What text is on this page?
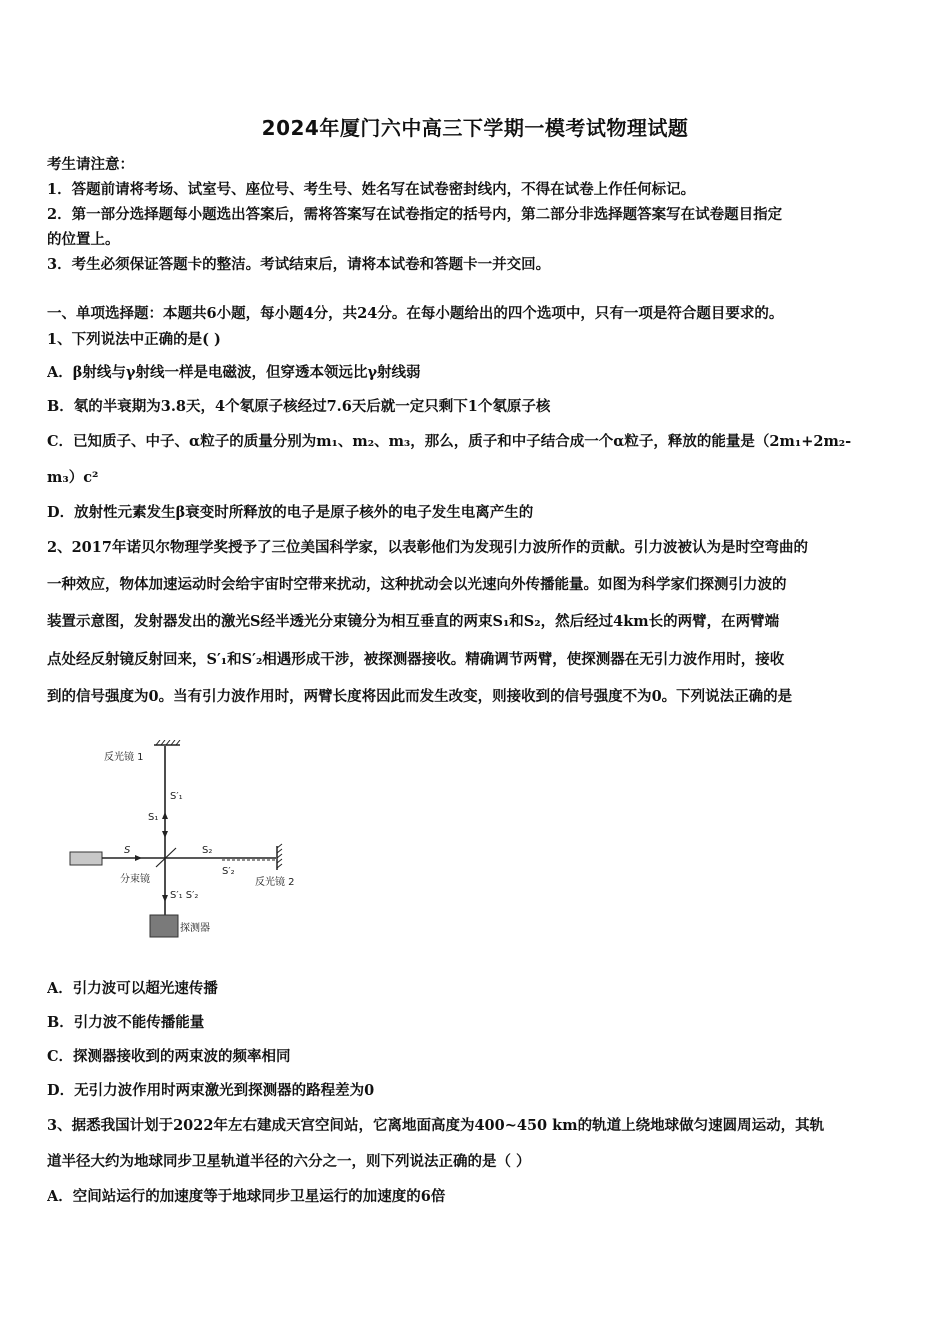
2024年厦门六中高三下学期一模考试物理试题
考生请注意：
1．答题前请将考场、试室号、座位号、考生号、姓名写在试卷密封线内，不得在试卷上作任何标记。
2．第一部分选择题每小题选出答案后，需将答案写在试卷指定的括号内，第二部分非选择题答案写在试卷题目指定
的位置上。
3．考生必须保证答题卡的整洁。考试结束后，请将本试卷和答题卡一并交回。
一、单项选择题：本题共6小题，每小题4分，共24分。在每小题给出的四个选项中，只有一项是符合题目要求的。
1、下列说法中正确的是( )
A．β射线与γ射线一样是电磁波，但穿透本领远比γ射线弱
B．氡的半衰期为3.8天，4个氡原子核经过7.6天后就一定只剩下1个氡原子核
C．已知质子、中子、α粒子的质量分别为m₁、m₂、m₃，那么，质子和中子结合成一个α粒子，释放的能量是（2m₁+2m₂-
m₃）c²
D．放射性元素发生β衰变时所释放的电子是原子核外的电子发生电离产生的
2、2017年诺贝尔物理学奖授予了三位美国科学家，以表彰他们为发现引力波所作的贡献。引力波被认为是时空弯曲的
一种效应，物体加速运动时会给宇宙时空带来扰动，这种扰动会以光速向外传播能量。如图为科学家们探测引力波的
装置示意图，发射器发出的激光S经半透光分束镜分为相互垂直的两束S₁和S₂，然后经过4km长的两臂，在两臂端
点处经反射镜反射回来，S′₁和S′₂相遇形成干涉，被探测器接收。精确调节两臂，使探测器在无引力波作用时，接收
到的信号强度为0。当有引力波作用时，两臂长度将因此而发生改变，则接收到的信号强度不为0。下列说法正确的是
反光镜 1
S′₁
S₁
S
分束镜
S₂
S′₂
反光镜 2
S′₁ S′₂
探测器
A．引力波可以超光速传播
B．引力波不能传播能量
C．探测器接收到的两束波的频率相同
D．无引力波作用时两束激光到探测器的路程差为0
3、据悉我国计划于2022年左右建成天宫空间站，它离地面高度为400~450 km的轨道上绕地球做匀速圆周运动，其轨
道半径大约为地球同步卫星轨道半径的六分之一，则下列说法正确的是（ ）
A．空间站运行的加速度等于地球同步卫星运行的加速度的6倍
